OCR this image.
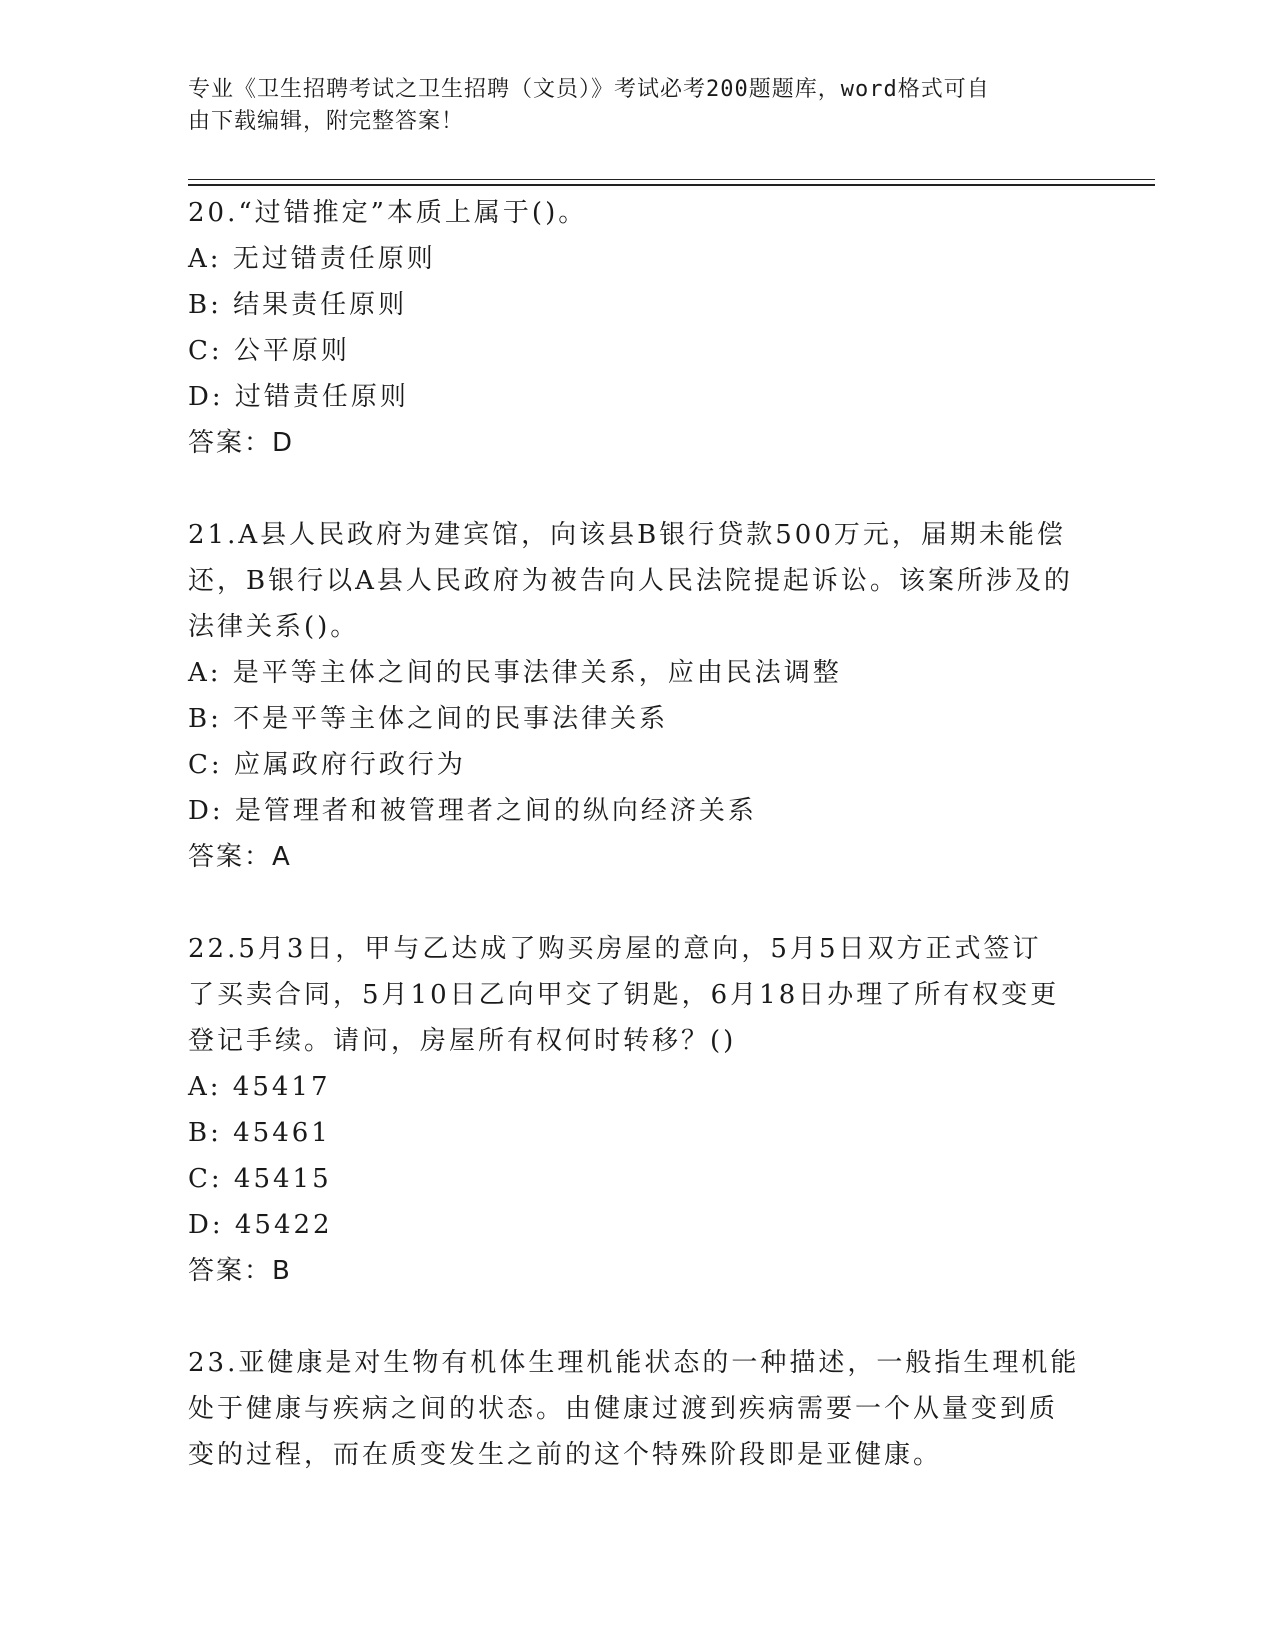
专业《卫生招聘考试之卫生招聘（文员）》考试必考200题题库，word格式可自
由下载编辑，附完整答案！

20.“过错推定”本质上属于()。

A: 无过错责任原则

B: 结果责任原则

C: 公平原则

D: 过错责任原则

答案：D

21.A县人民政府为建宾馆，向该县B银行贷款500万元，届期未能偿

还，B银行以A县人民政府为被告向人民法院提起诉讼。该案所涉及的

法律关系()。

A: 是平等主体之间的民事法律关系，应由民法调整

B: 不是平等主体之间的民事法律关系

C: 应属政府行政行为

D: 是管理者和被管理者之间的纵向经济关系

答案：A

22.5月3日，甲与乙达成了购买房屋的意向，5月5日双方正式签订

了买卖合同，5月10日乙向甲交了钥匙，6月18日办理了所有权变更

登记手续。请问，房屋所有权何时转移？()

A: 45417

B: 45461

C: 45415

D: 45422

答案：B

23.亚健康是对生物有机体生理机能状态的一种描述，一般指生理机能

处于健康与疾病之间的状态。由健康过渡到疾病需要一个从量变到质

变的过程，而在质变发生之前的这个特殊阶段即是亚健康。
